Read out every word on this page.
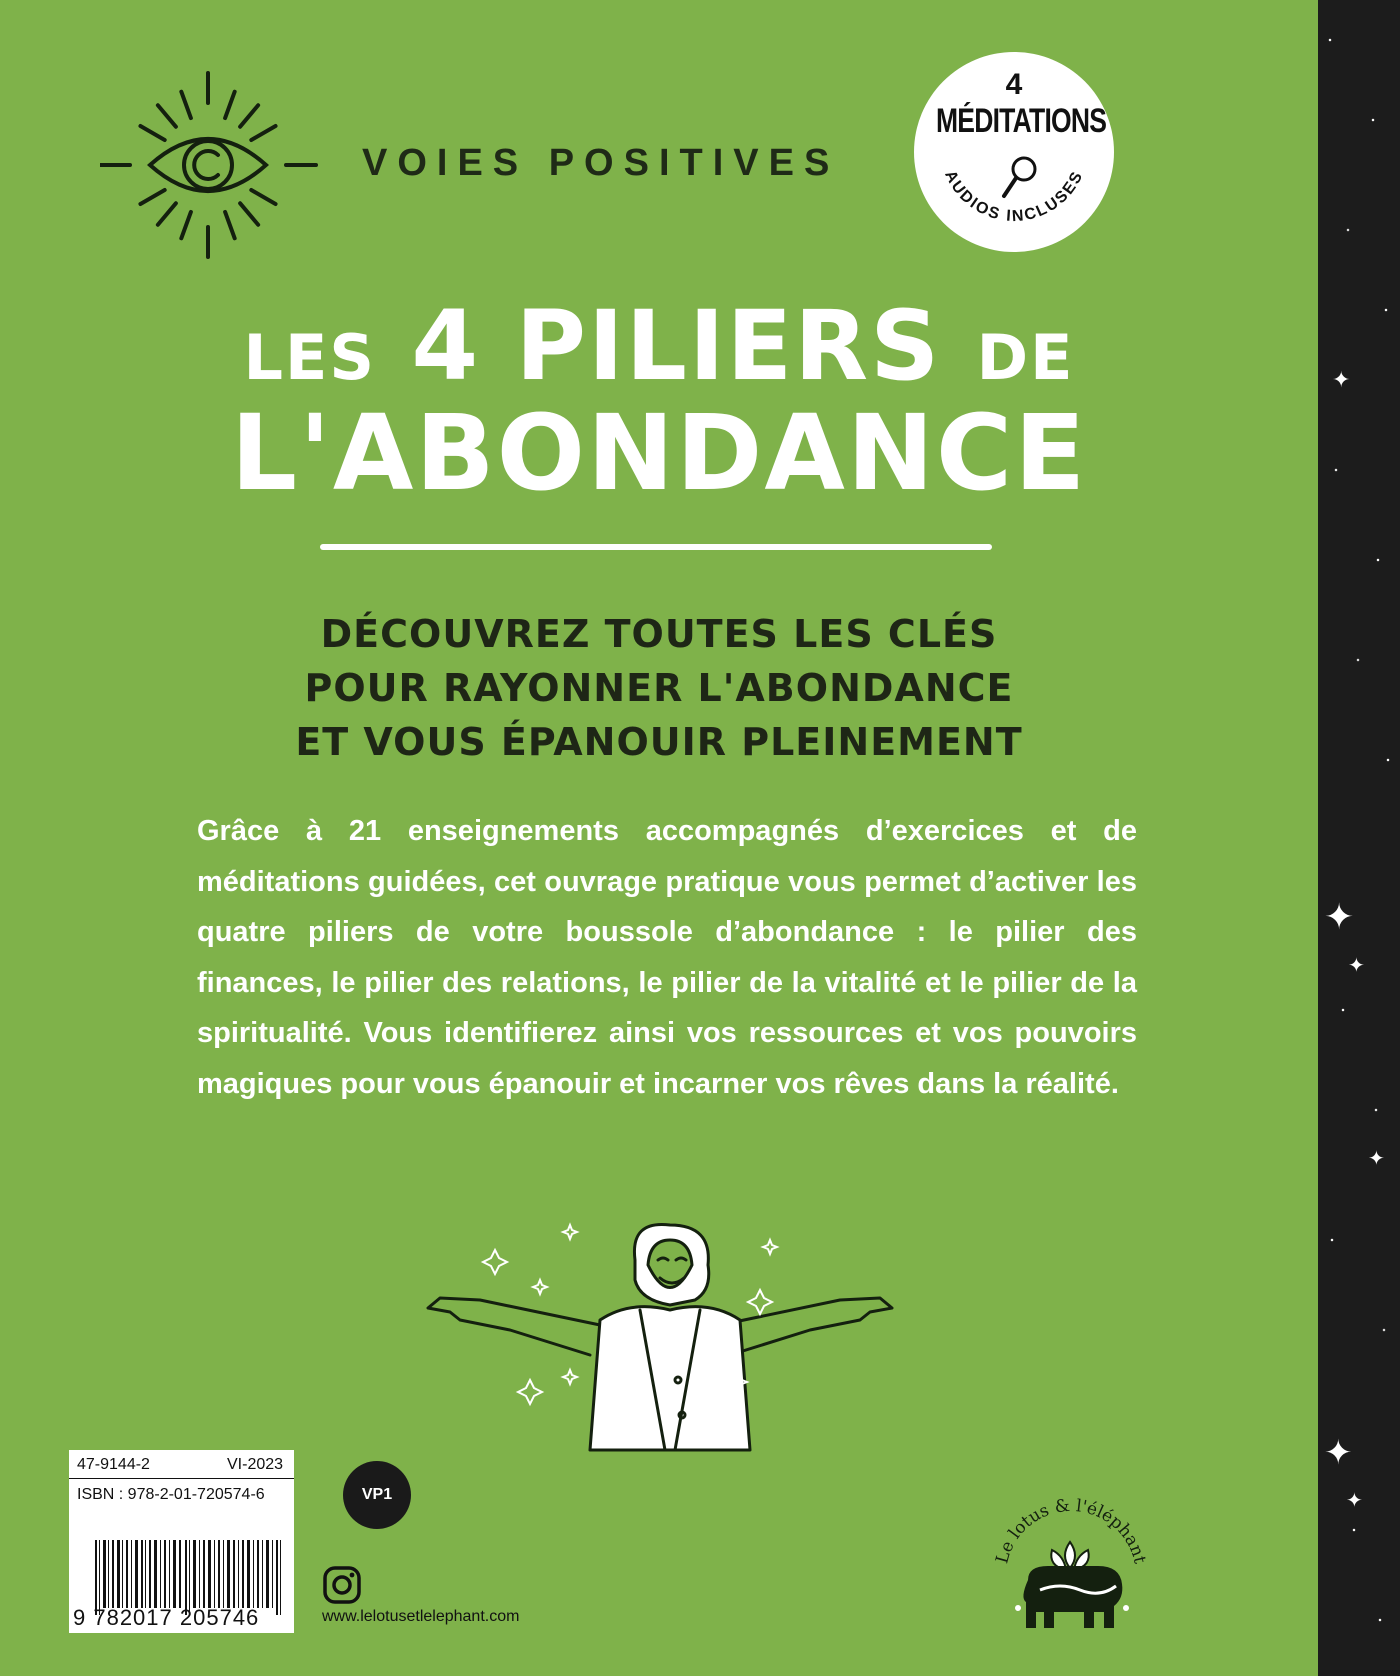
VOIES POSITIVES
4
MÉDITATIONS
AUDIOS INCLUSES
LES 4 PILIERS DE
L'ABONDANCE
DÉCOUVREZ TOUTES LES CLÉS
POUR RAYONNER L'ABONDANCE
ET VOUS ÉPANOUIR PLEINEMENT
Grâce à 21 enseignements accompagnés d’exercices et de méditations guidées, cet ouvrage pratique vous permet d’activer les quatre piliers de votre boussole d’abondance : le pilier des finances, le pilier des relations, le pilier de la vitalité et le pilier de la spiritualité. Vous identifierez ainsi vos ressources et vos pouvoirs magiques pour vous épanouir et incarner vos rêves dans la réalité.
47-9144-2	VI-2023
ISBN : 978-2-01-720574-6
9 782017 205746
VP1
www.lelotusetlelephant.com
Le lotus & l'éléphant
✦
✦
✦
✦
✦
✦
